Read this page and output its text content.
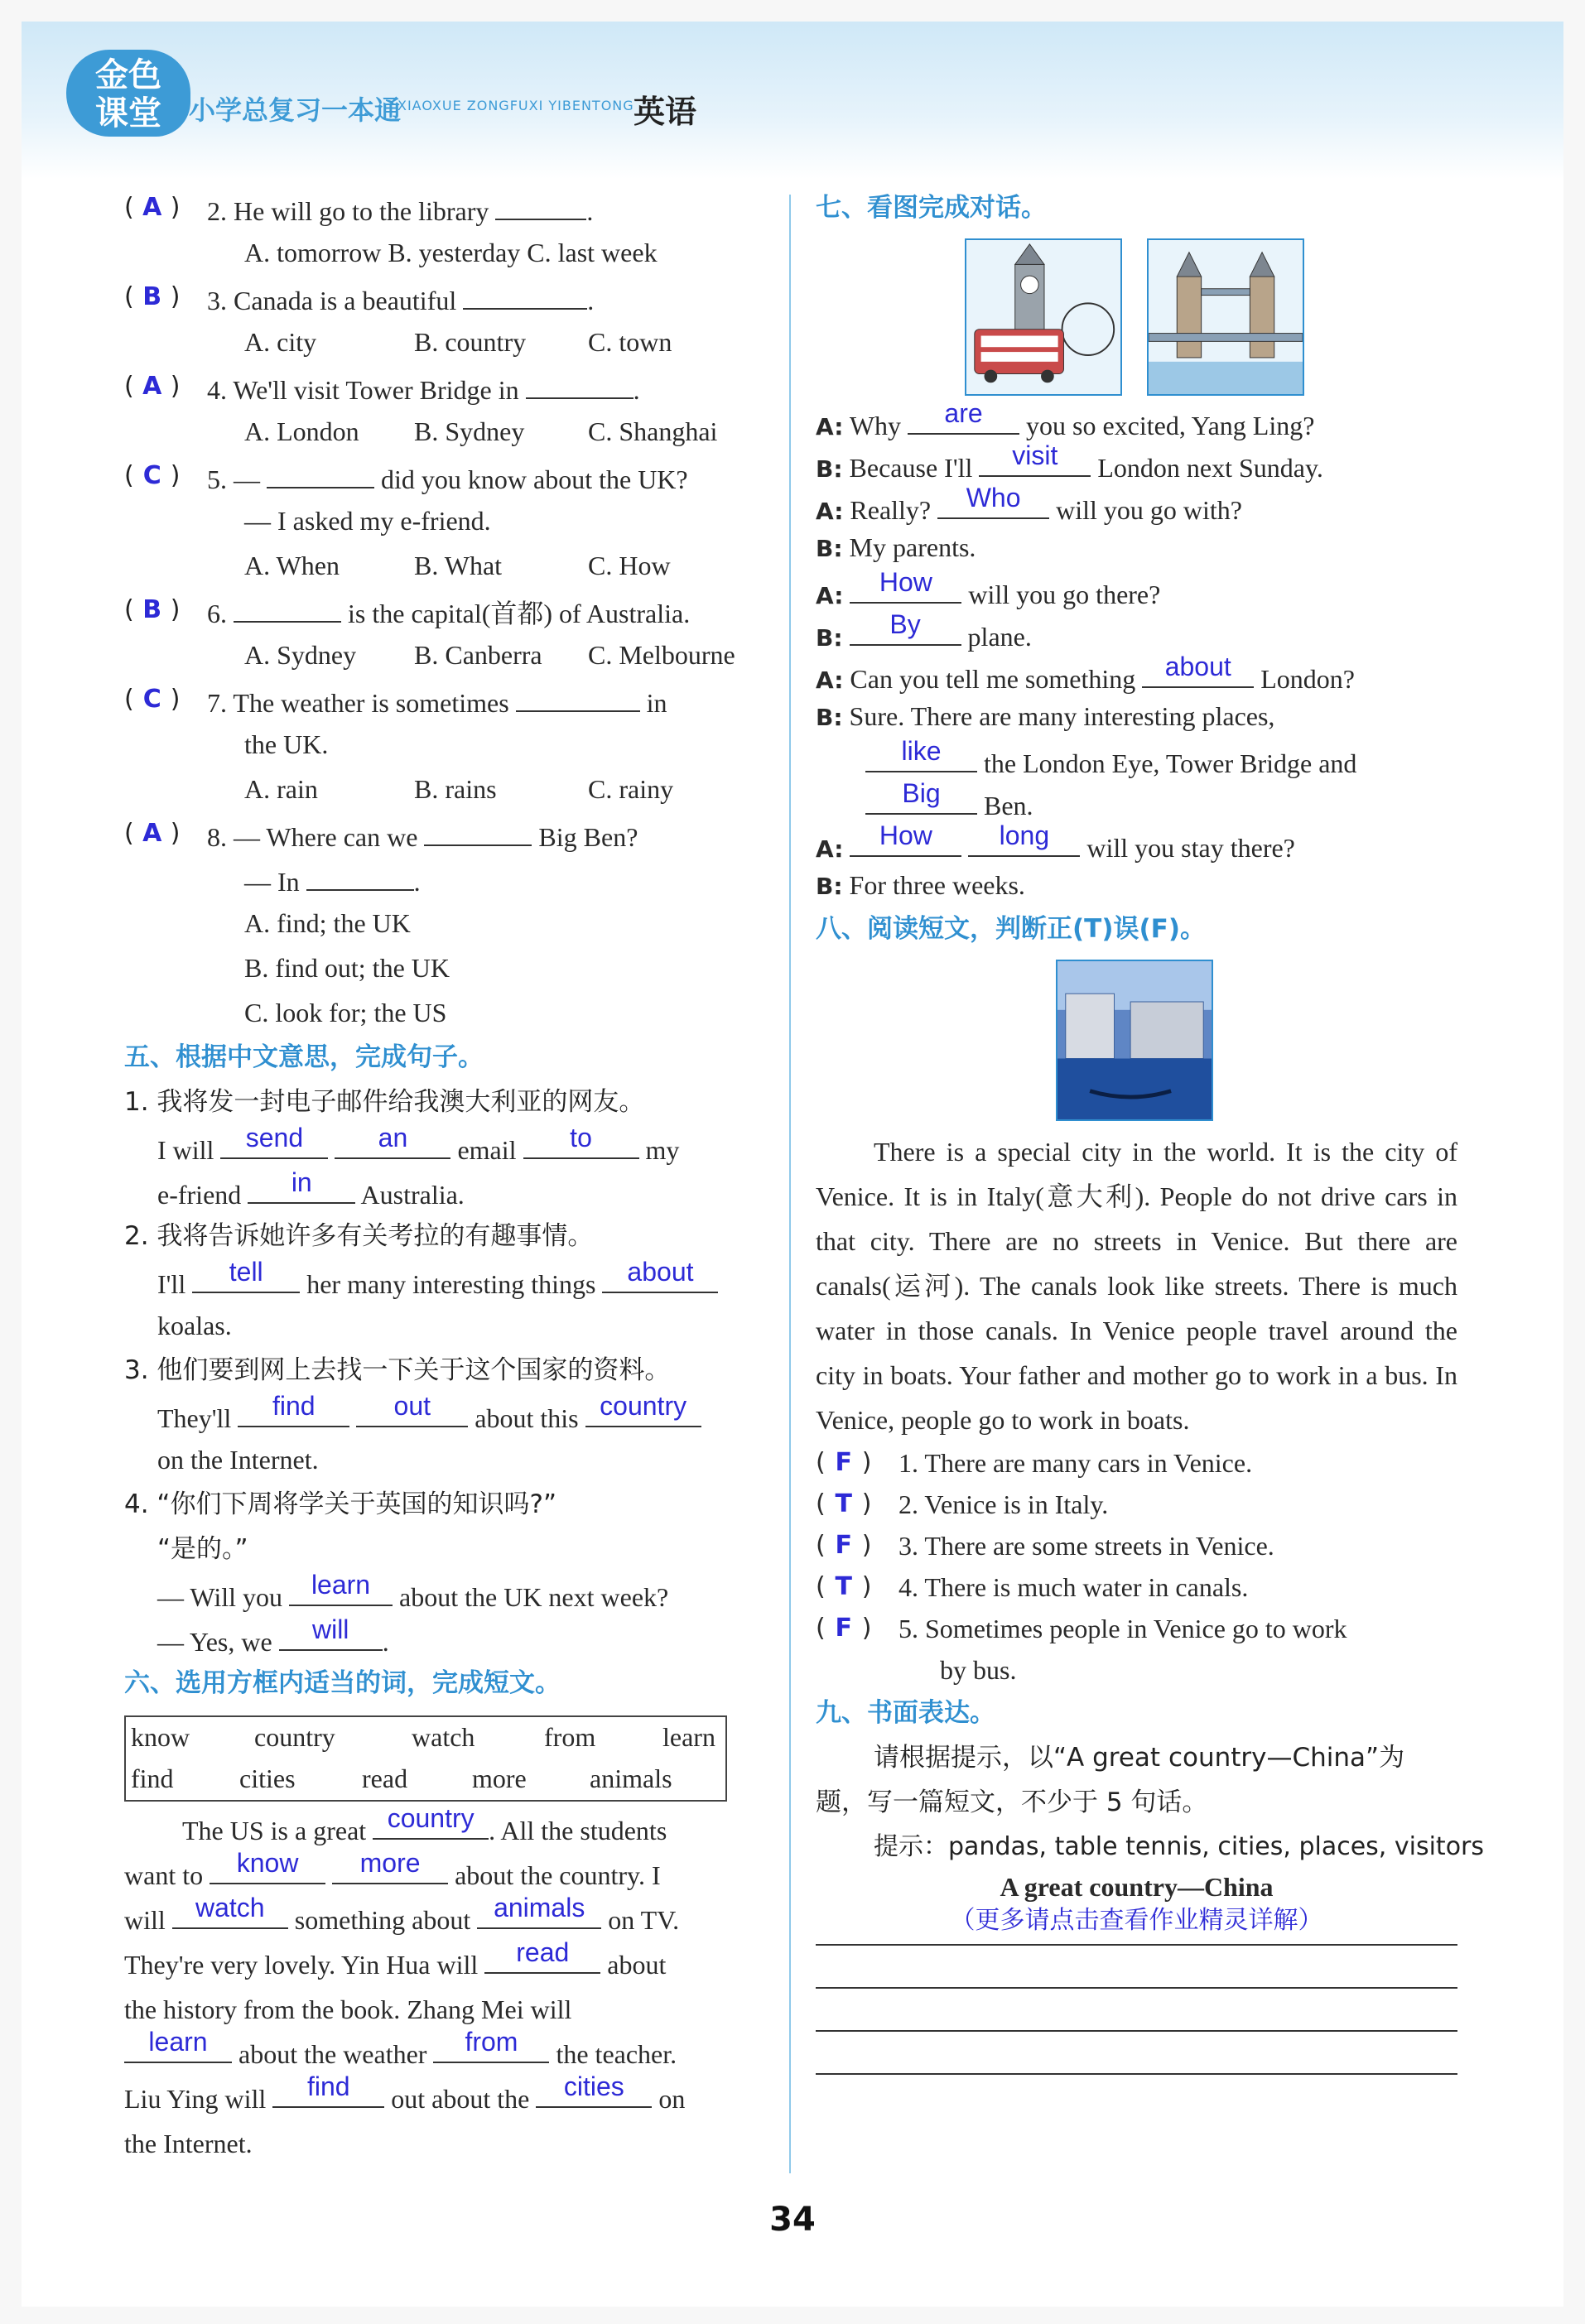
金色
课堂	小学总复习一本通
XIAOXUE ZONGFUXI YIBENTONG 英语
( A )	2. He will go to the library	.
A. tomorrow B. yesterday C. last week
( B )	3. Canada is a beautiful	.
A. city	B. country C. town
( A )	4. We'll visit Tower Bridge in	.
A. London B. Sydney C. Shanghai
( C )	5. —	did you know about the UK?
— I asked my e-friend.
A. When	B. What	C. How
( B )	6.	is the capital(首都) of Australia.
A. Sydney B. Canberra C. Melbourne
( C )	7. The weather is sometimes	in
the UK.
A. rain	B. rains	C. rainy
( A )	8. — Where can we	Big Ben?
— In	.
A. find; the UK
B. find out; the UK
C. look for; the US
五、根据中文意思，完成句子。
1. 我将发一封电子邮件给我澳大利亚的网友。
I will	send
	an	email	to	my
e-friend	in	Australia.
2. 我将告诉她许多有关考拉的有趣事情。
I'll	tell	her many interesting things	about
koalas.
3. 他们要到网上去找一下关于这个国家的资料。
They'll	find
	out	about this country
on the Internet.
4. “你们下周将学关于英国的知识吗?”
“是的。”
— Will you	learn	about the UK next week?
— Yes, we	will	.
六、选用方框内适当的词，完成短文。
know country	watch	from	learn
find cities	read more animals
The US is a great country . All the students
want to	know
	more	about the country. I
will	watch	something about animals on TV.
They're very lovely. Yin Hua will	read	about
the history from the book. Zhang Mei will
learn	about the weather	from	the teacher.
Liu Ying will	find	out about the	cities	on
the Internet.
七、看图完成对话。
A: Why	are	you so excited, Yang Ling?
B: Because I'll	visit	London next Sunday.
A: Really?	Who	will you go with?
B: My parents.
A:	How	will you go there?
B:	By	plane.
A: Can you tell me something	about	London?
B: Sure. There are many interesting places,
like	the London Eye, Tower Bridge and
Big	Ben.
A:	How
	long	will you stay there?
B: For three weeks.
八、阅读短文，判断正(T)误(F)。
There is a special city in the world. It is the city of Venice. It is in Italy(意大利). People do not drive cars in that city. There are no streets in Venice. But there are canals(运河). The canals look like streets. There is much water in those canals. In Venice people travel around the city in boats. Your father and mother go to work in a bus. In Venice, people go to work in boats.
( F )	1. There are many cars in Venice.
( T )	2. Venice is in Italy.
( F )	3. There are some streets in Venice.
( T )	4. There is much water in canals.
( F )	5. Sometimes people in Venice go to work
by bus.
九、书面表达。
请根据提示，以“A great country—China”为
题，写一篇短文，不少于 5 句话。
提示：pandas, table tennis, cities, places, visitors
A great country—China
（更多请点击查看作业精灵详解）
34
